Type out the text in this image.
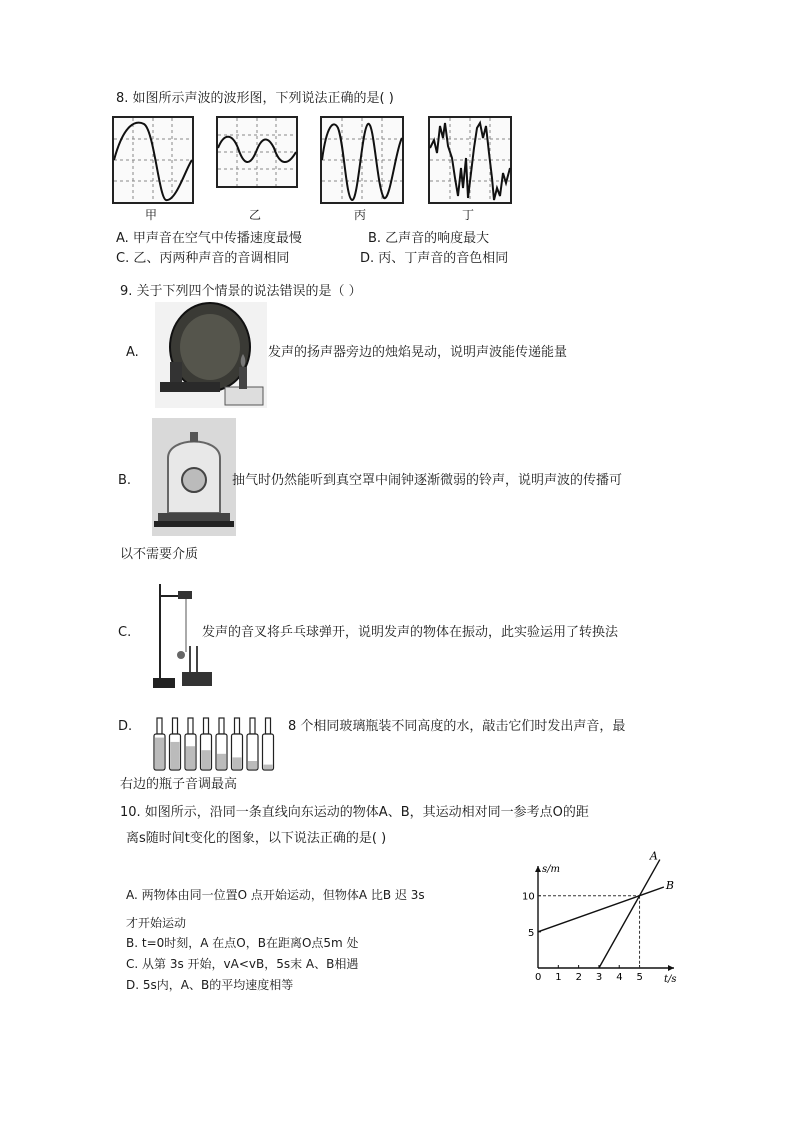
8. 如图所示声波的波形图，下列说法正确的是( )
甲	乙	丙	丁
A. 甲声音在空气中传播速度最慢	B. 乙声音的响度最大
C. 乙、丙两种声音的音调相同	D. 丙、丁声音的音色相同
9. 关于下列四个情景的说法错误的是（ ）
A.	发声的扬声器旁边的烛焰晃动，说明声波能传递能量
B.	抽气时仍然能听到真空罩中闹钟逐渐微弱的铃声，说明声波的传播可
以不需要介质
C.	发声的音叉将乒乓球弹开，说明发声的物体在振动，此实验运用了转换法
D.	8 个相同玻璃瓶装不同高度的水，敲击它们时发出声音，最
右边的瓶子音调最高
10. 如图所示，沿同一条直线向东运动的物体A、B，其运动相对同一参考点O的距
离s随时间t变化的图象，以下说法正确的是( )
A. 两物体由同一位置O 点开始运动，但物体A 比B 迟 3s
才开始运动
B. t=0时刻，A 在点O，B在距离O点5m 处
C. 从第 3s 开始，vA<vB，5s末 A、B相遇
D. 5s内，A、B的平均速度相等
s/m
t/s
0 1 2 3 4 5
5
10
A
B
